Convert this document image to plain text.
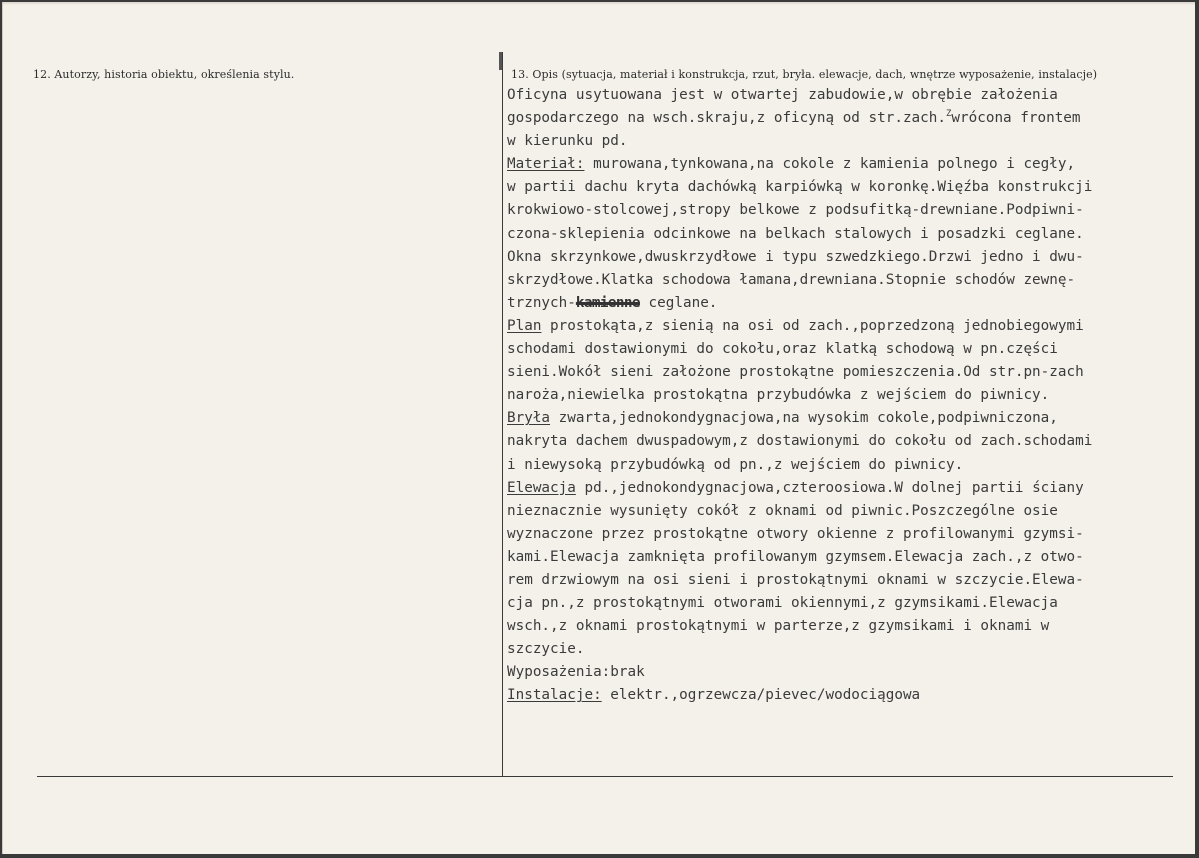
12. Autorzy, historia obiektu, określenia stylu.	13. Opis (sytuacja, materiał i konstrukcja, rzut, bryła. elewacje, dach, wnętrze wyposażenie, instalacje)
Oficyna usytuowana jest w otwartej zabudowie,w obrębie założenia
gospodarczego na wsch.skraju,z oficyną od str.zach.$^Z$wrócona frontem
w kierunku pd.
Materiał: murowana,tynkowana,na cokole z kamienia polnego i cegły,
w partii dachu kryta dachówką karpiówką w koronkę.Więźba konstrukcji
krokwiowo-stolcowej,stropy belkowe z podsufitką-drewniane.Podpiwni-
czona-sklepienia odcinkowe na belkach stalowych i posadzki ceglane.
Okna skrzynkowe,dwuskrzydłowe i typu szwedzkiego.Drzwi jedno i dwu-
skrzydłowe.Klatka schodowa łamana,drewniana.Stopnie schodów zewnę-
trznych-kamienne ceglane.
Plan prostokąta,z sienią na osi od zach.,poprzedzoną jednobiegowymi
schodami dostawionymi do cokołu,oraz klatką schodową w pn.części
sieni.Wokół sieni założone prostokątne pomieszczenia.Od str.pn-zach
naroża,niewielka prostokątna przybudówka z wejściem do piwnicy.
Bryła zwarta,jednokondygnacjowa,na wysokim cokole,podpiwniczona,
nakryta dachem dwuspadowym,z dostawionymi do cokołu od zach.schodami
i niewysoką przybudówką od pn.,z wejściem do piwnicy.
Elewacja pd.,jednokondygnacjowa,czteroosiowa.W dolnej partii ściany
nieznacznie wysunięty cokół z oknami od piwnic.Poszczególne osie
wyznaczone przez prostokątne otwory okienne z profilowanymi gzymsi-
kami.Elewacja zamknięta profilowanym gzymsem.Elewacja zach.,z otwo-
rem drzwiowym na osi sieni i prostokątnymi oknami w szczycie.Elewa-
cja pn.,z prostokątnymi otworami okiennymi,z gzymsikami.Elewacja
wsch.,z oknami prostokątnymi w parterze,z gzymsikami i oknami w
szczycie.
Wyposażenia:brak
Instalacje: elektr.,ogrzewcza/pievec/wodociągowa
